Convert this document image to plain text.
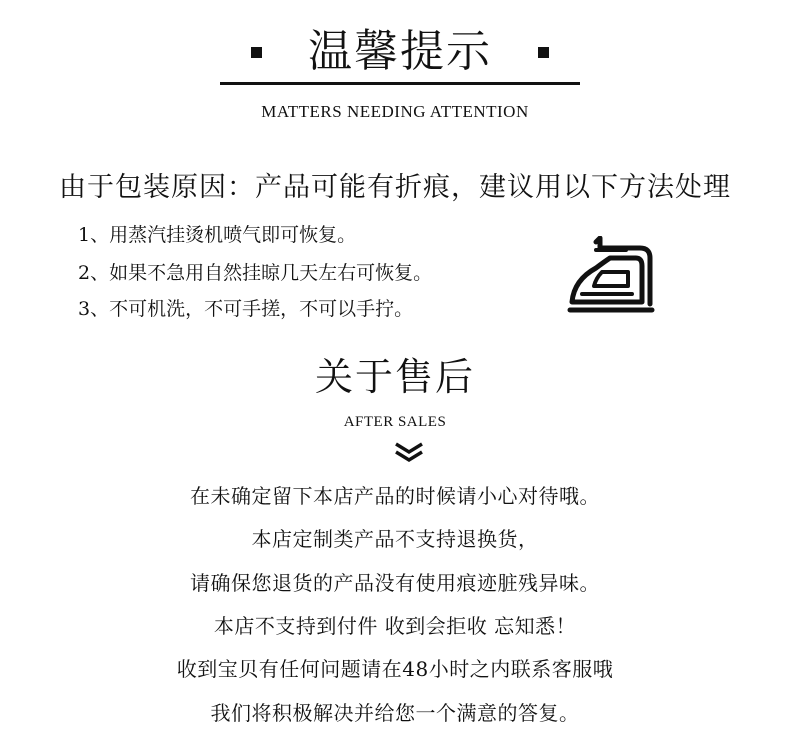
温馨提示
MATTERS NEEDING ATTENTION
由于包装原因：产品可能有折痕，建议用以下方法处理
1、用蒸汽挂烫机喷气即可恢复。
2、如果不急用自然挂晾几天左右可恢复。
3、不可机洗，不可手搓，不可以手拧。
关于售后
AFTER SALES
在未确定留下本店产品的时候请小心对待哦。
本店定制类产品不支持退换货，
请确保您退货的产品没有使用痕迹脏残异味。
本店不支持到付件 收到会拒收 忘知悉！
收到宝贝有任何问题请在48小时之内联系客服哦
我们将积极解决并给您一个满意的答复。
